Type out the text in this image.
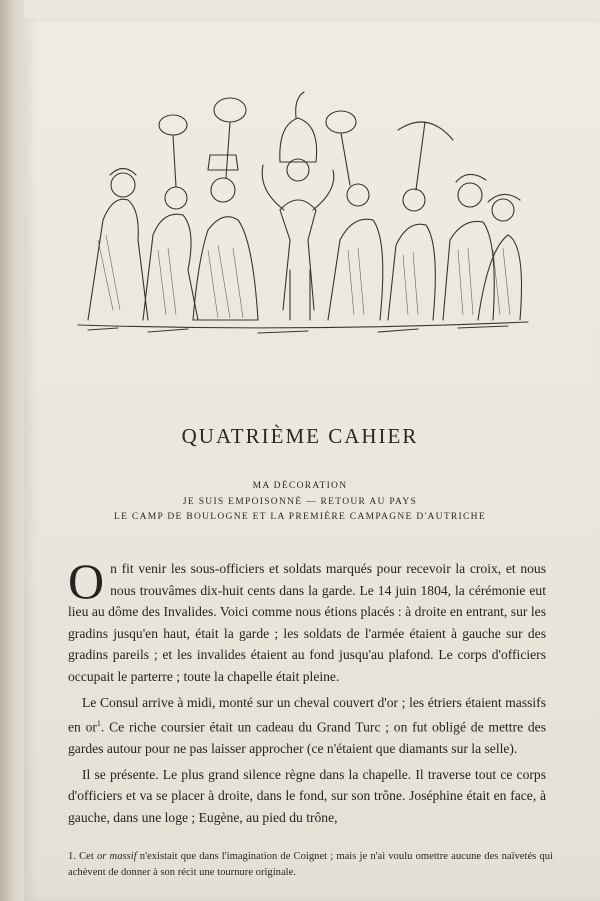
QUATRIÈME CAHIER
MA DÉCORATION
JE SUIS EMPOISONNÉ — RETOUR AU PAYS
LE CAMP DE BOULOGNE ET LA PREMIÈRE CAMPAGNE D'AUTRICHE

On fit venir les sous-officiers et soldats marqués pour recevoir la croix, et nous nous trouvâmes dix-huit cents dans la garde. Le 14 juin 1804, la cérémonie eut lieu au dôme des Invalides. Voici comme nous étions placés : à droite en entrant, sur les gradins jusqu'en haut, était la garde ; les soldats de l'armée étaient à gauche sur des gradins pareils ; et les invalides étaient au fond jusqu'au plafond. Le corps d'officiers occupait le parterre ; toute la chapelle était pleine.

Le Consul arrive à midi, monté sur un cheval couvert d'or ; les étriers étaient massifs en $or^1$. Ce riche coursier était un cadeau du Grand Turc ; on fut obligé de mettre des gardes autour pour ne pas laisser approcher (ce n'étaient que diamants sur la selle).

Il se présente. Le plus grand silence règne dans la chapelle. Il traverse tout ce corps d'officiers et va se placer à droite, dans le fond, sur son trône. Joséphine était en face, à gauche, dans une loge ; Eugène, au pied du trône,

1. Cet or massif n'existait que dans l'imagination de Coignet ; mais je n'ai voulu omettre aucune des naïvetés qui achèvent de donner à son récit une tournure originale.
